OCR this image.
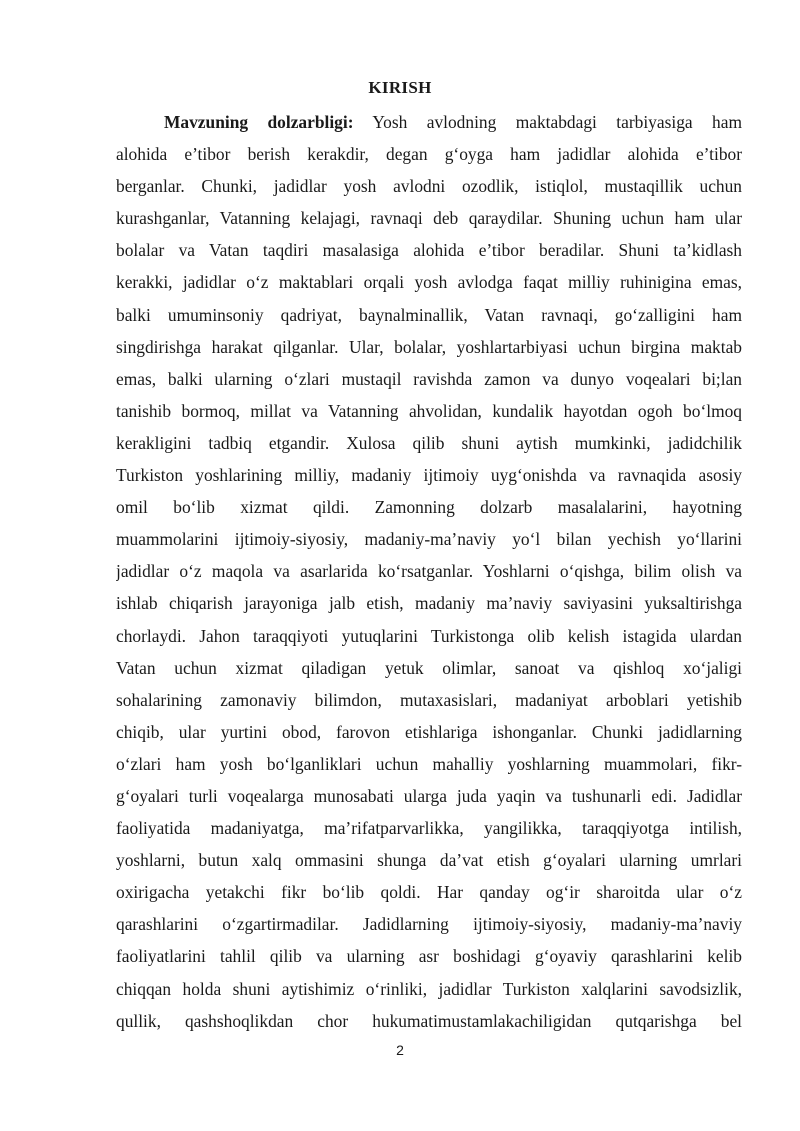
KIRISH
Mavzuning dolzarbligi: Yosh avlodning maktabdagi tarbiyasiga ham
alohida e’tibor berish kerakdir, degan g‘oyga ham jadidlar alohida e’tibor
berganlar. Chunki, jadidlar yosh avlodni ozodlik, istiqlol, mustaqillik uchun
kurashganlar, Vatanning kelajagi, ravnaqi deb qaraydilar. Shuning uchun ham ular
bolalar va Vatan taqdiri masalasiga alohida e’tibor beradilar. Shuni ta’kidlash
kerakki, jadidlar o‘z maktablari orqali yosh avlodga faqat milliy ruhinigina emas,
balki umuminsoniy qadriyat, baynalminallik, Vatan ravnaqi, go‘zalligini ham
singdirishga harakat qilganlar. Ular, bolalar, yoshlartarbiyasi uchun birgina maktab
emas, balki ularning o‘zlari mustaqil ravishda zamon va dunyo voqealari bi;lan
tanishib bormoq, millat va Vatanning ahvolidan, kundalik hayotdan ogoh bo‘lmoq
kerakligini tadbiq etgandir. Xulosa qilib shuni aytish mumkinki, jadidchilik
Turkiston yoshlarining milliy, madaniy ijtimoiy uyg‘onishda va ravnaqida asosiy
omil bo‘lib xizmat qildi. Zamonning dolzarb masalalarini, hayotning
muammolarini ijtimoiy-siyosiy, madaniy-ma’naviy yo‘l bilan yechish yo‘llarini
jadidlar o‘z maqola va asarlarida ko‘rsatganlar. Yoshlarni o‘qishga, bilim olish va
ishlab chiqarish jarayoniga jalb etish, madaniy ma’naviy saviyasini yuksaltirishga
chorlaydi. Jahon taraqqiyoti yutuqlarini Turkistonga olib kelish istagida ulardan
Vatan uchun xizmat qiladigan yetuk olimlar, sanoat va qishloq xo‘jaligi
sohalarining zamonaviy bilimdon, mutaxasislari, madaniyat arboblari yetishib
chiqib, ular yurtini obod, farovon etishlariga ishonganlar. Chunki jadidlarning
o‘zlari ham yosh bo‘lganliklari uchun mahalliy yoshlarning muammolari, fikr-
g‘oyalari turli voqealarga munosabati ularga juda yaqin va tushunarli edi. Jadidlar
faoliyatida madaniyatga, ma’rifatparvarlikka, yangilikka, taraqqiyotga intilish,
yoshlarni, butun xalq ommasini shunga da’vat etish g‘oyalari ularning umrlari
oxirigacha yetakchi fikr bo‘lib qoldi. Har qanday og‘ir sharoitda ular o‘z
qarashlarini o‘zgartirmadilar. Jadidlarning ijtimoiy-siyosiy, madaniy-ma’naviy
faoliyatlarini tahlil qilib va ularning asr boshidagi g‘oyaviy qarashlarini kelib
chiqqan holda shuni aytishimiz o‘rinliki, jadidlar Turkiston xalqlarini savodsizlik,
qullik, qashshoqlikdan chor hukumatimustamlakachiligidan qutqarishga bel
2
